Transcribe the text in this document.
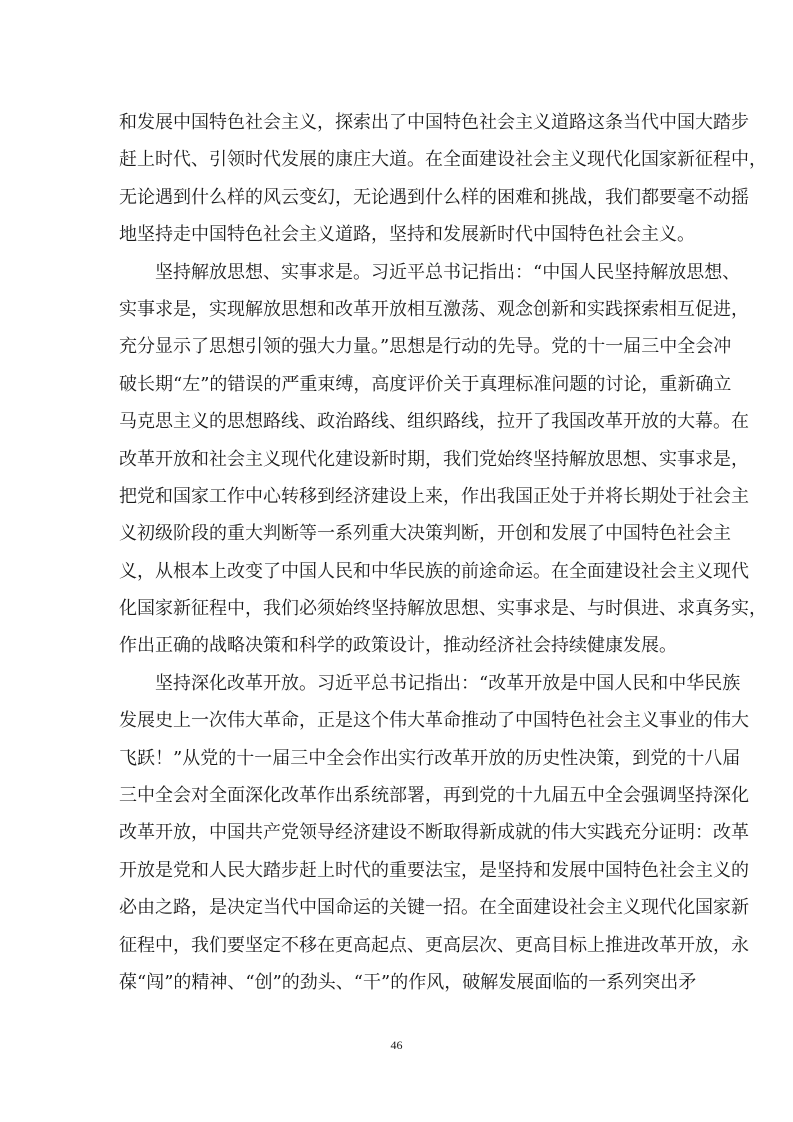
和发展中国特色社会主义，探索出了中国特色社会主义道路这条当代中国大踏步
赶上时代、引领时代发展的康庄大道。在全面建设社会主义现代化国家新征程中，
无论遇到什么样的风云变幻，无论遇到什么样的困难和挑战，我们都要毫不动摇
地坚持走中国特色社会主义道路，坚持和发展新时代中国特色社会主义。
坚持解放思想、实事求是。习近平总书记指出：“中国人民坚持解放思想、
实事求是，实现解放思想和改革开放相互激荡、观念创新和实践探索相互促进，
充分显示了思想引领的强大力量。”思想是行动的先导。党的十一届三中全会冲
破长期“左”的错误的严重束缚，高度评价关于真理标准问题的讨论，重新确立
马克思主义的思想路线、政治路线、组织路线，拉开了我国改革开放的大幕。在
改革开放和社会主义现代化建设新时期，我们党始终坚持解放思想、实事求是，
把党和国家工作中心转移到经济建设上来，作出我国正处于并将长期处于社会主
义初级阶段的重大判断等一系列重大决策判断，开创和发展了中国特色社会主
义，从根本上改变了中国人民和中华民族的前途命运。在全面建设社会主义现代
化国家新征程中，我们必须始终坚持解放思想、实事求是、与时俱进、求真务实，
作出正确的战略决策和科学的政策设计，推动经济社会持续健康发展。
坚持深化改革开放。习近平总书记指出：“改革开放是中国人民和中华民族
发展史上一次伟大革命，正是这个伟大革命推动了中国特色社会主义事业的伟大
飞跃！”从党的十一届三中全会作出实行改革开放的历史性决策，到党的十八届
三中全会对全面深化改革作出系统部署，再到党的十九届五中全会强调坚持深化
改革开放，中国共产党领导经济建设不断取得新成就的伟大实践充分证明：改革
开放是党和人民大踏步赶上时代的重要法宝，是坚持和发展中国特色社会主义的
必由之路，是决定当代中国命运的关键一招。在全面建设社会主义现代化国家新
征程中，我们要坚定不移在更高起点、更高层次、更高目标上推进改革开放，永
葆“闯”的精神、“创”的劲头、“干”的作风，破解发展面临的一系列突出矛
46
